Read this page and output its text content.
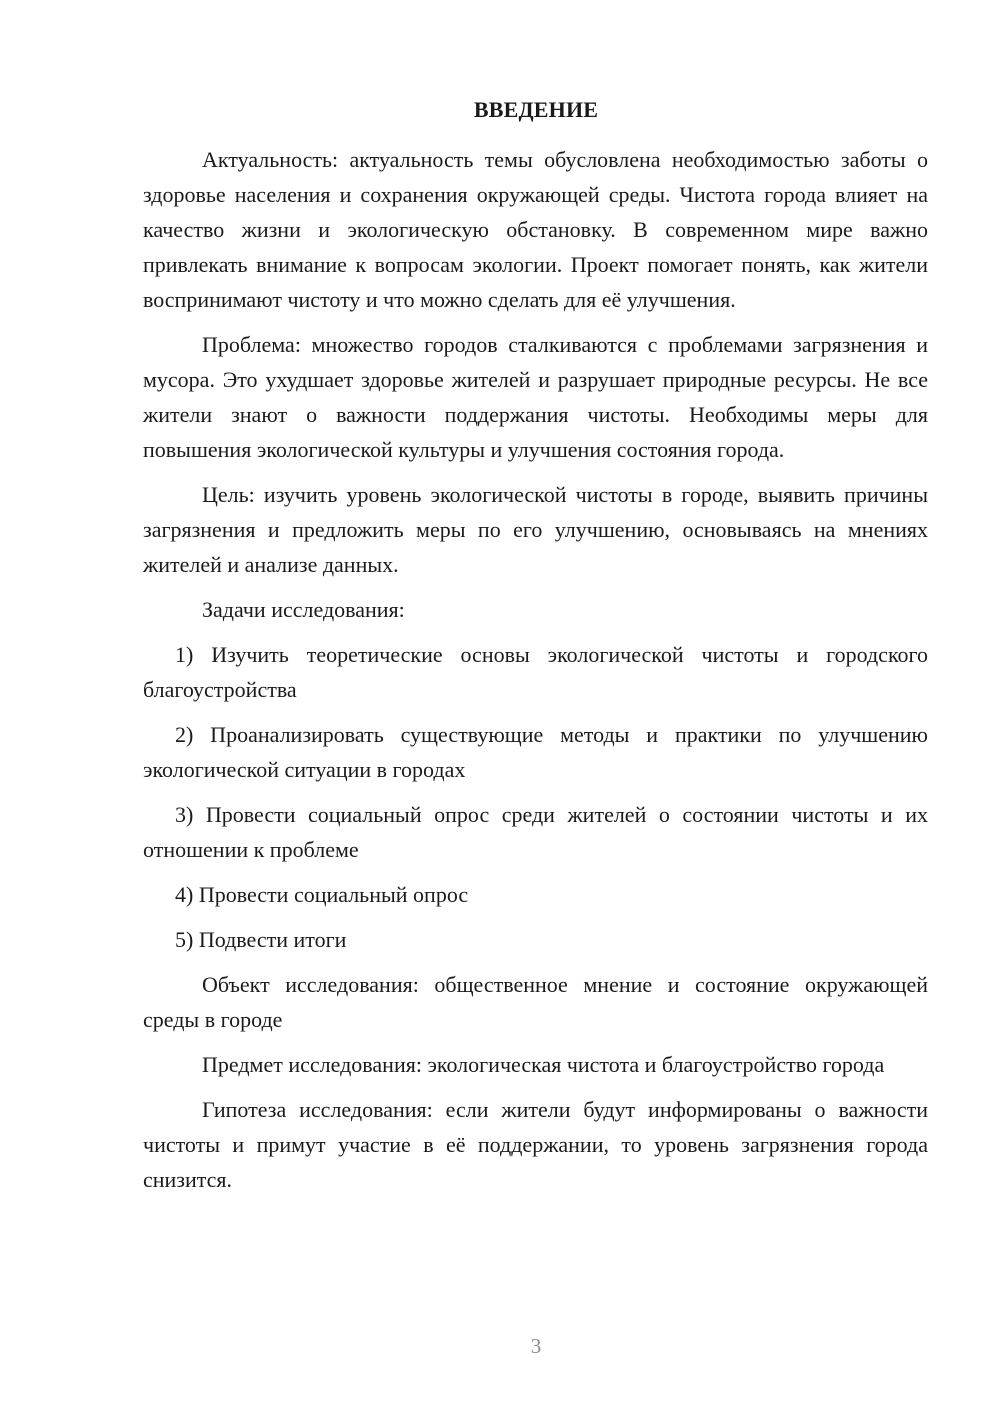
ВВЕДЕНИЕ

Актуальность: актуальность темы обусловлена необходимостью заботы о здоровье населения и сохранения окружающей среды. Чистота города влияет на качество жизни и экологическую обстановку. В современном мире важно привлекать внимание к вопросам экологии. Проект помогает понять, как жители воспринимают чистоту и что можно сделать для её улучшения.

Проблема: множество городов сталкиваются с проблемами загрязнения и мусора. Это ухудшает здоровье жителей и разрушает природные ресурсы. Не все жители знают о важности поддержания чистоты. Необходимы меры для повышения экологической культуры и улучшения состояния города.

Цель: изучить уровень экологической чистоты в городе, выявить причины загрязнения и предложить меры по его улучшению, основываясь на мнениях жителей и анализе данных.

Задачи исследования:

1) Изучить теоретические основы экологической чистоты и городского благоустройства

2) Проанализировать существующие методы и практики по улучшению экологической ситуации в городах

3) Провести социальный опрос среди жителей о состоянии чистоты и их отношении к проблеме

4) Провести социальный опрос

5) Подвести итоги

Объект исследования: общественное мнение и состояние окружающей среды в городе

Предмет исследования: экологическая чистота и благоустройство города

Гипотеза исследования: если жители будут информированы о важности чистоты и примут участие в её поддержании, то уровень загрязнения города снизится.

3
